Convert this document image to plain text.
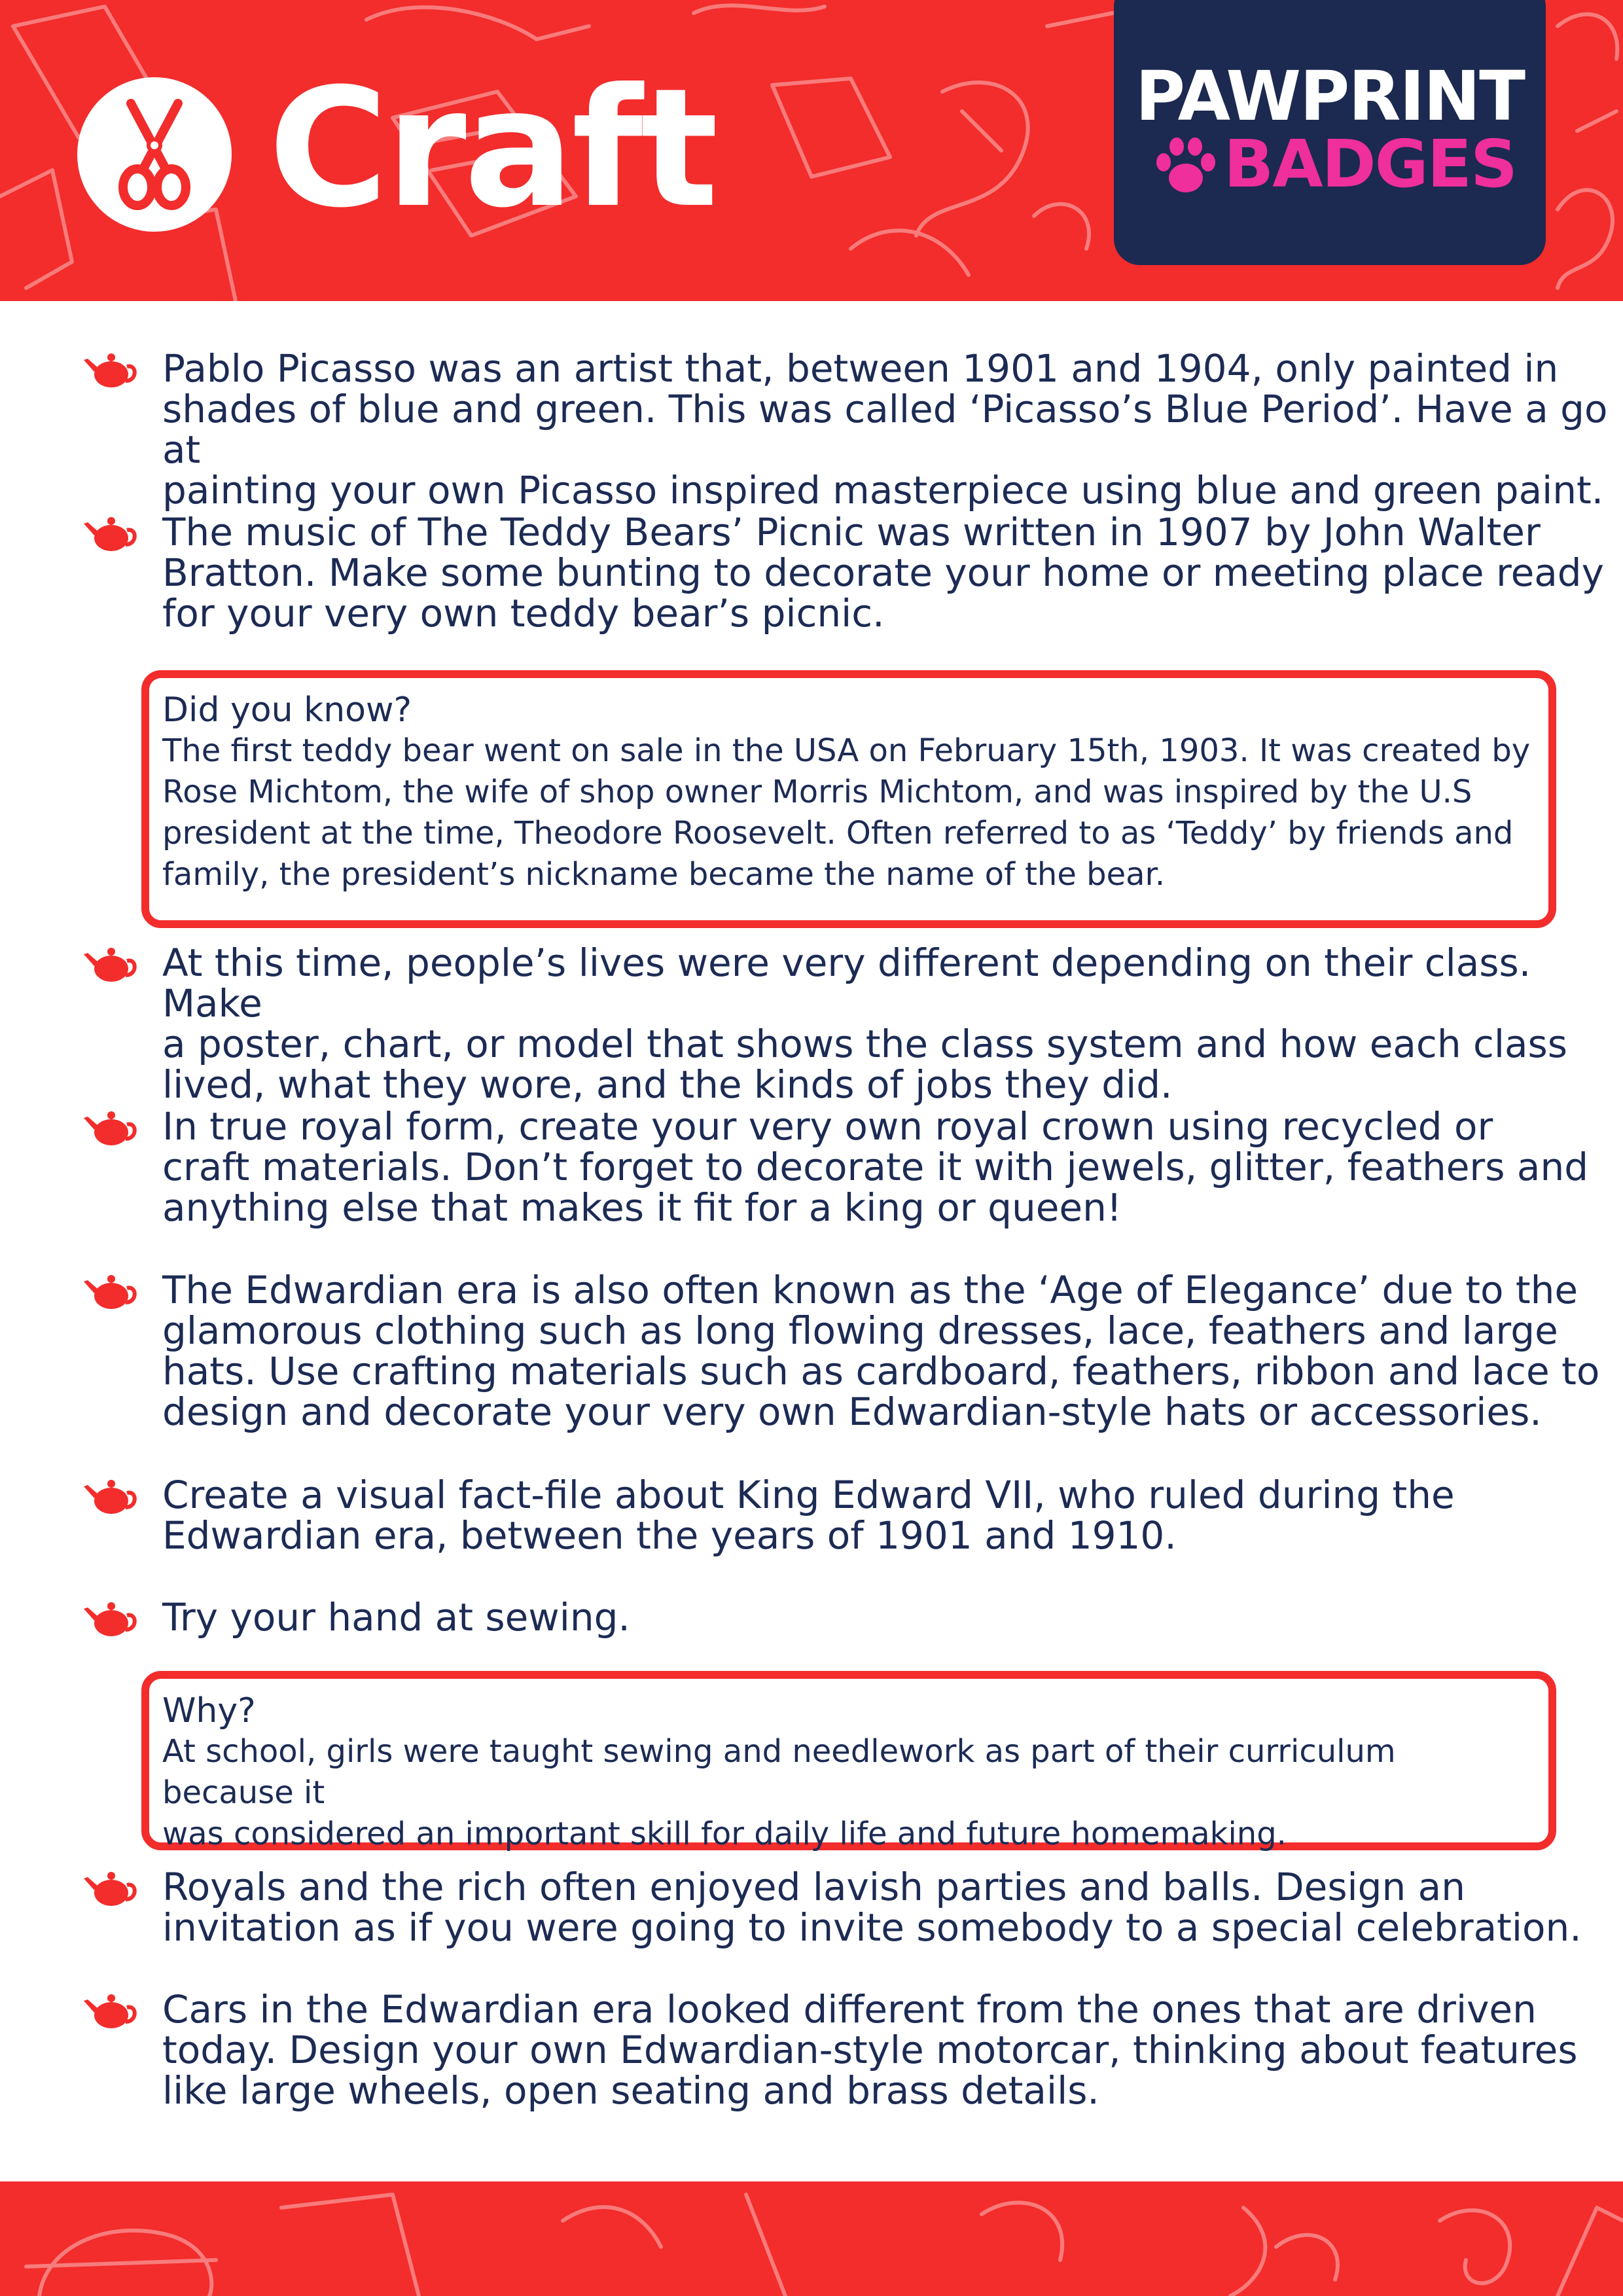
Craft	PAWPRINT
BADGES
Pablo Picasso was an artist that, between 1901 and 1904, only painted in
shades of blue and green. This was called ‘Picasso’s Blue Period’. Have a go at
painting your own Picasso inspired masterpiece using blue and green paint.
The music of The Teddy Bears’ Picnic was written in 1907 by John Walter
Bratton. Make some bunting to decorate your home or meeting place ready
for your very own teddy bear’s picnic.
Did you know?
The first teddy bear went on sale in the USA on February 15th, 1903. It was created by
Rose Michtom, the wife of shop owner Morris Michtom, and was inspired by the U.S
president at the time, Theodore Roosevelt. Often referred to as ‘Teddy’ by friends and
family, the president’s nickname became the name of the bear.
At this time, people’s lives were very different depending on their class. Make
a poster, chart, or model that shows the class system and how each class
lived, what they wore, and the kinds of jobs they did.
In true royal form, create your very own royal crown using recycled or
craft materials. Don’t forget to decorate it with jewels, glitter, feathers and
anything else that makes it fit for a king or queen!
The Edwardian era is also often known as the ‘Age of Elegance’ due to the
glamorous clothing such as long flowing dresses, lace, feathers and large
hats. Use crafting materials such as cardboard, feathers, ribbon and lace to
design and decorate your very own Edwardian-style hats or accessories.
Create a visual fact-file about King Edward VII, who ruled during the
Edwardian era, between the years of 1901 and 1910.
Try your hand at sewing.
Why?
At school, girls were taught sewing and needlework as part of their curriculum because it
was considered an important skill for daily life and future homemaking.
Royals and the rich often enjoyed lavish parties and balls. Design an
invitation as if you were going to invite somebody to a special celebration.
Cars in the Edwardian era looked different from the ones that are driven
today. Design your own Edwardian-style motorcar, thinking about features
like large wheels, open seating and brass details.
